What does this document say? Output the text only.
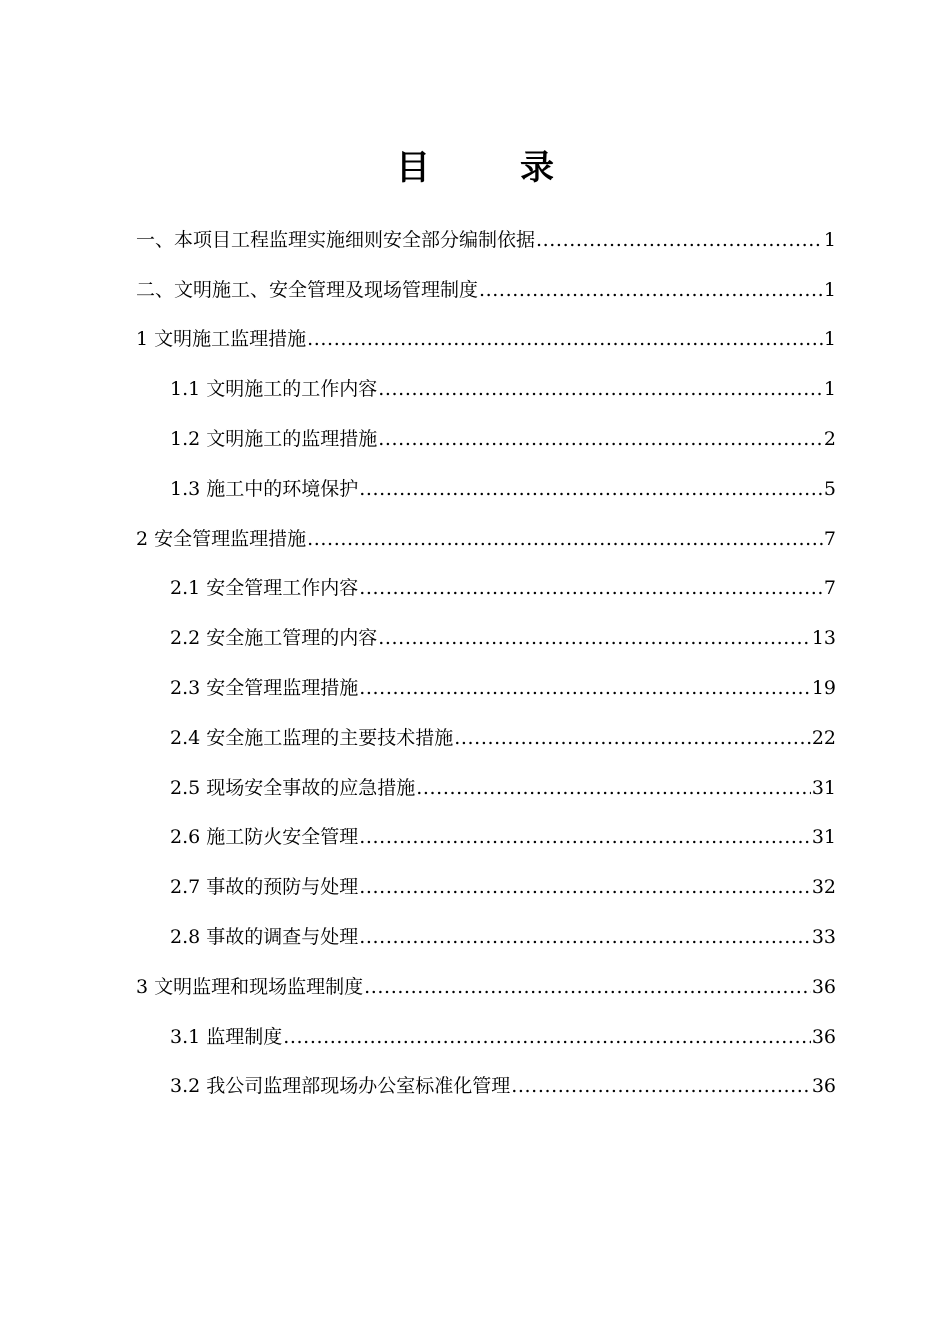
目　录
一、本项目工程监理实施细则安全部分编制依据 .....	1
二、文明施工、安全管理及现场管理制度 .....	1
1 文明施工监理措施 .....	1
1.1 文明施工的工作内容 .....	1
1.2 文明施工的监理措施 .....	2
1.3 施工中的环境保护 .....	5
2 安全管理监理措施 .....	7
2.1 安全管理工作内容 .....	7
2.2 安全施工管理的内容 .....	13
2.3 安全管理监理措施 .....	19
2.4 安全施工监理的主要技术措施 .....	22
2.5 现场安全事故的应急措施 .....	31
2.6 施工防火安全管理 .....	31
2.7 事故的预防与处理 .....	32
2.8 事故的调查与处理 .....	33
3 文明监理和现场监理制度 .....	36
3.1 监理制度 .....	36
3.2 我公司监理部现场办公室标准化管理 .....	36
